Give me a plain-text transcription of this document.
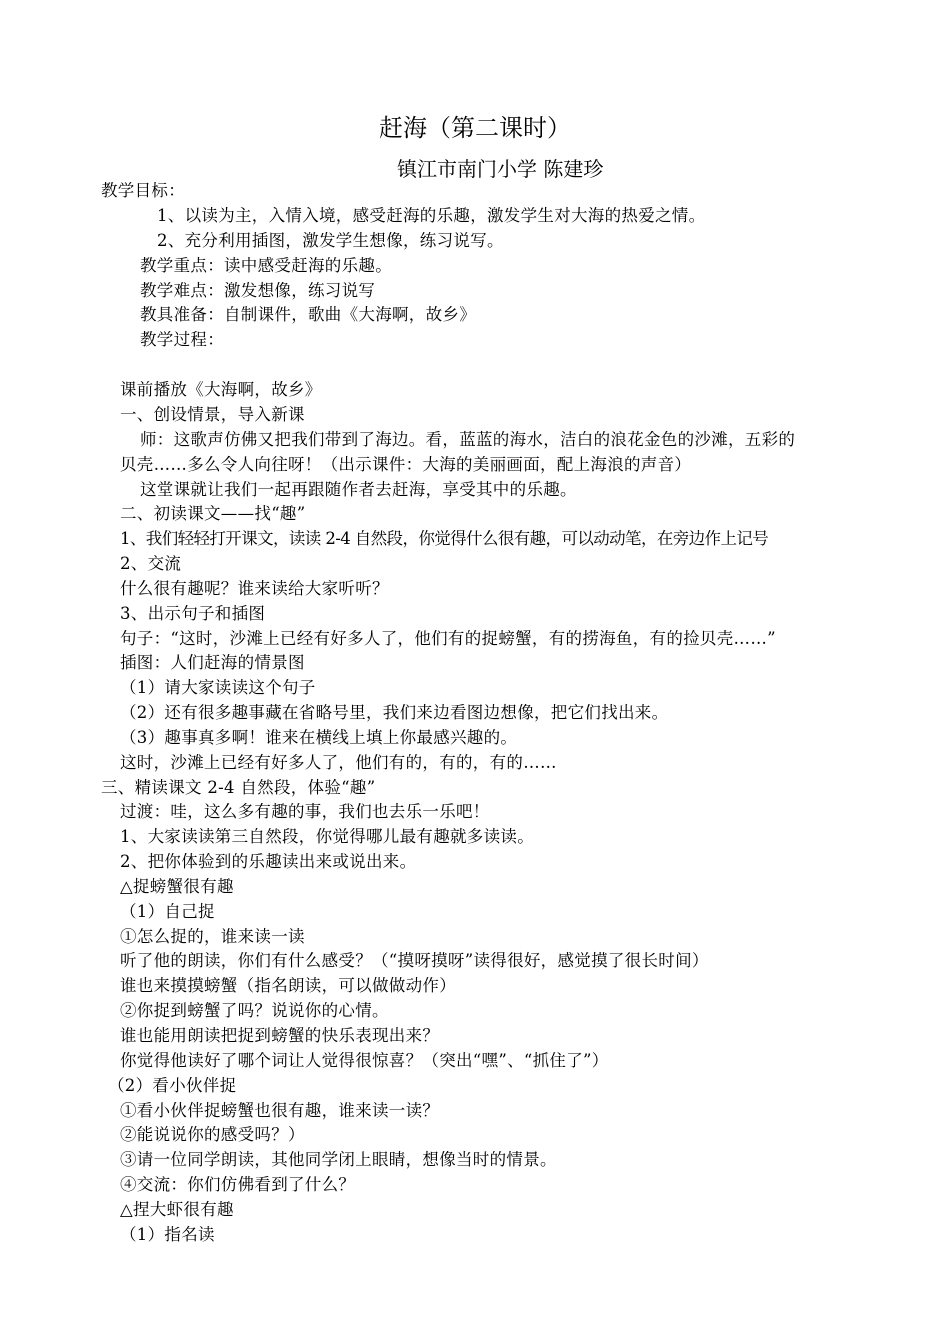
赶海（第二课时）
镇江市南门小学 陈建珍
教学目标：
1、以读为主，入情入境，感受赶海的乐趣，激发学生对大海的热爱之情。
2、充分利用插图，激发学生想像，练习说写。
教学重点：读中感受赶海的乐趣。
教学难点：激发想像，练习说写
教具准备：自制课件，歌曲《大海啊，故乡》
教学过程：
课前播放《大海啊，故乡》
一、创设情景，导入新课
师：这歌声仿佛又把我们带到了海边。看，蓝蓝的海水，洁白的浪花金色的沙滩，五彩的
贝壳……多么令人向往呀！（出示课件：大海的美丽画面，配上海浪的声音）
这堂课就让我们一起再跟随作者去赶海，享受其中的乐趣。
二、初读课文——找“趣”
1、我们轻轻打开课文，读读 2-4 自然段，你觉得什么很有趣，可以动动笔，在旁边作上记号
2、交流
什么很有趣呢？谁来读给大家听听？
3、出示句子和插图
句子：“这时，沙滩上已经有好多人了，他们有的捉螃蟹，有的捞海鱼，有的捡贝壳……”
插图：人们赶海的情景图
（1）请大家读读这个句子
（2）还有很多趣事藏在省略号里，我们来边看图边想像，把它们找出来。
（3）趣事真多啊！谁来在横线上填上你最感兴趣的。
这时，沙滩上已经有好多人了，他们有的，有的，有的……
三、精读课文 2-4 自然段，体验“趣”
过渡：哇，这么多有趣的事，我们也去乐一乐吧！
1、大家读读第三自然段，你觉得哪儿最有趣就多读读。
2、把你体验到的乐趣读出来或说出来。
△捉螃蟹很有趣
（1）自己捉
①怎么捉的，谁来读一读
听了他的朗读，你们有什么感受？（“摸呀摸呀”读得很好，感觉摸了很长时间）
谁也来摸摸螃蟹（指名朗读，可以做做动作）
②你捉到螃蟹了吗？说说你的心情。
谁也能用朗读把捉到螃蟹的快乐表现出来？
你觉得他读好了哪个词让人觉得很惊喜？（突出“嘿”、“抓住了”）
（2）看小伙伴捉
①看小伙伴捉螃蟹也很有趣，谁来读一读？
②能说说你的感受吗？）
③请一位同学朗读，其他同学闭上眼睛，想像当时的情景。
④交流：你们仿佛看到了什么？
△捏大虾很有趣
（1）指名读
